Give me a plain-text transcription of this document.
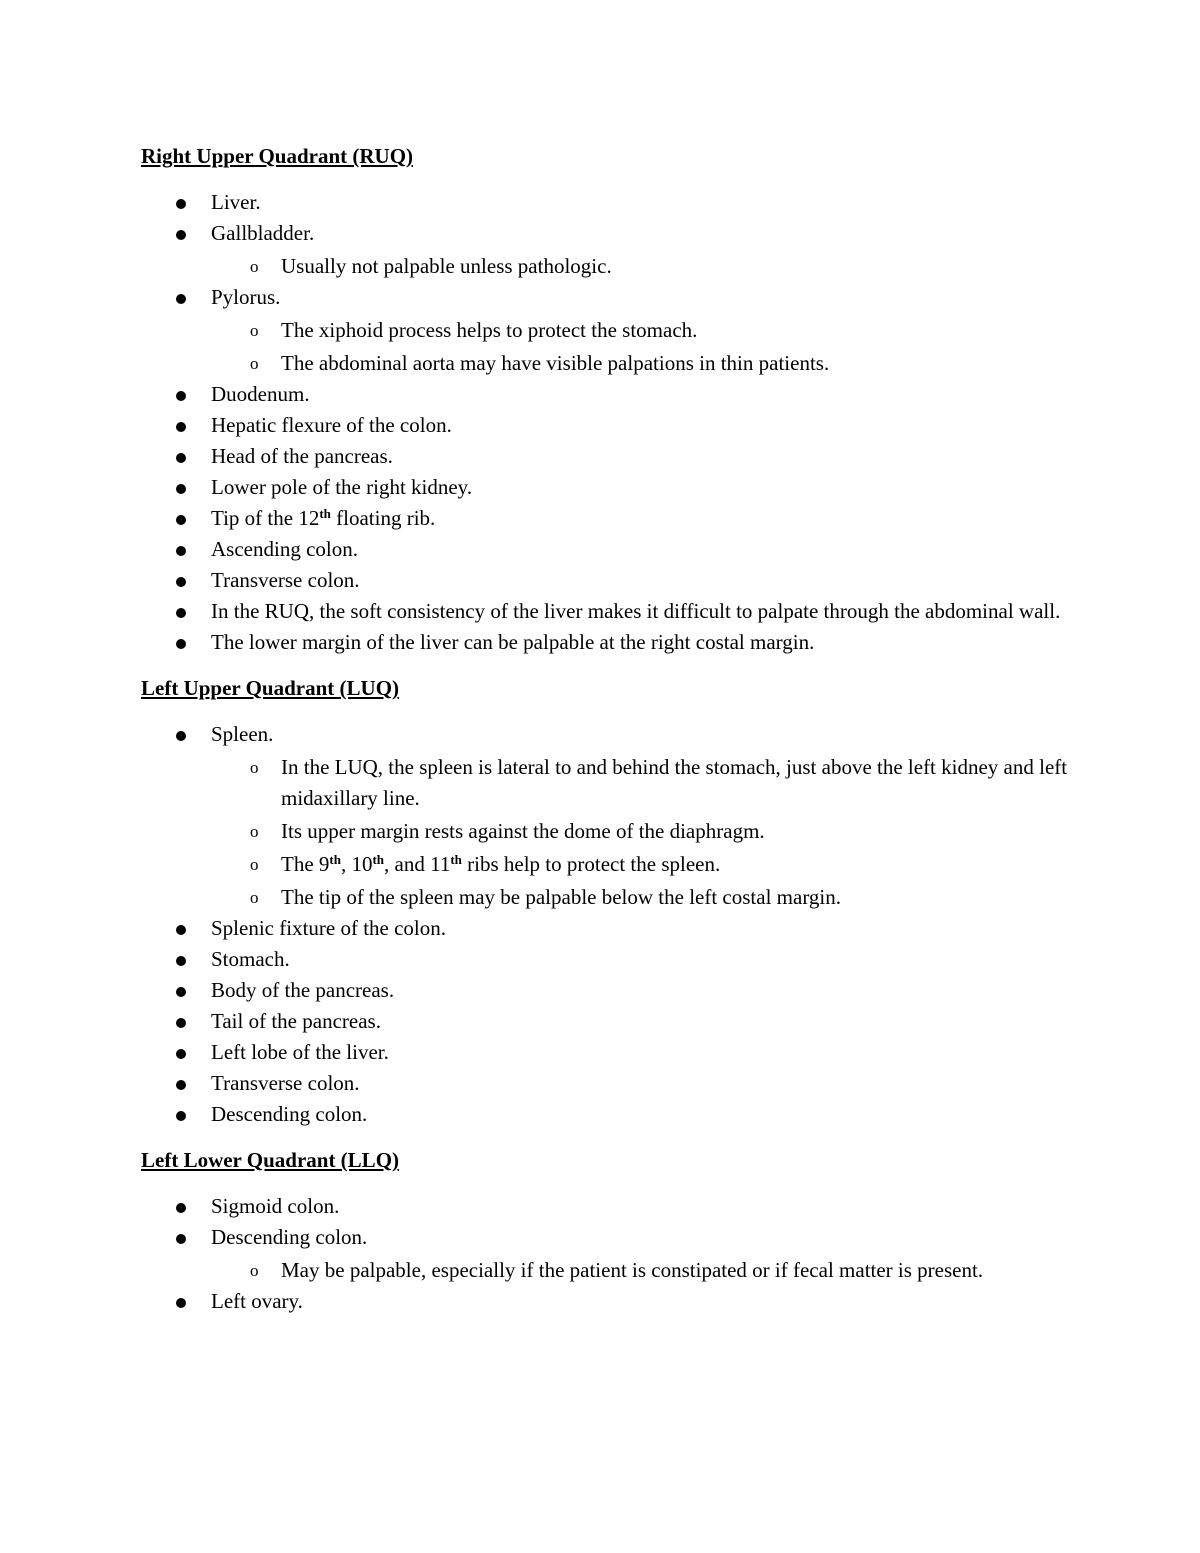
Right Upper Quadrant (RUQ)
Liver.
Gallbladder.
o Usually not palpable unless pathologic.
Pylorus.
o The xiphoid process helps to protect the stomach.
o The abdominal aorta may have visible palpations in thin patients.
Duodenum.
Hepatic flexure of the colon.
Head of the pancreas.
Lower pole of the right kidney.
Tip of the 12th floating rib.
Ascending colon.
Transverse colon.
In the RUQ, the soft consistency of the liver makes it difficult to palpate through the abdominal wall.
The lower margin of the liver can be palpable at the right costal margin.
Left Upper Quadrant (LUQ)
Spleen.
o In the LUQ, the spleen is lateral to and behind the stomach, just above the left kidney and left midaxillary line.
o Its upper margin rests against the dome of the diaphragm.
o The 9th, 10th, and 11th ribs help to protect the spleen.
o The tip of the spleen may be palpable below the left costal margin.
Splenic fixture of the colon.
Stomach.
Body of the pancreas.
Tail of the pancreas.
Left lobe of the liver.
Transverse colon.
Descending colon.
Left Lower Quadrant (LLQ)
Sigmoid colon.
Descending colon.
o May be palpable, especially if the patient is constipated or if fecal matter is present.
Left ovary.
